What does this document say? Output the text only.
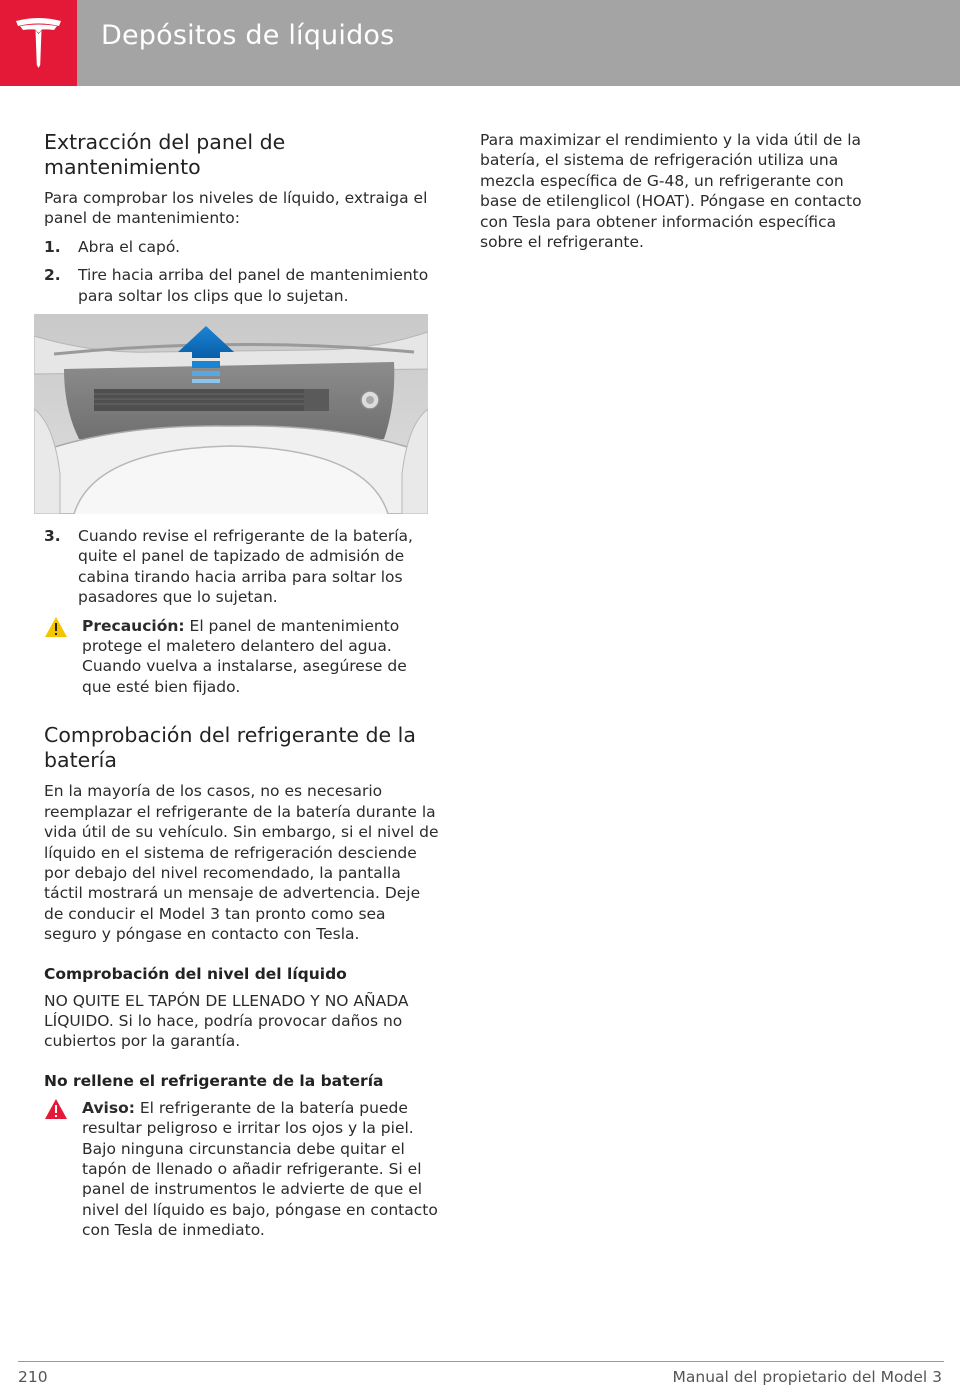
Depósitos de líquidos
Extracción del panel de mantenimiento

Para comprobar los niveles de líquido, extraiga el panel de mantenimiento:

1. Abra el capó.
2. Tire hacia arriba del panel de mantenimiento para soltar los clips que lo sujetan.
3. Cuando revise el refrigerante de la batería, quite el panel de tapizado de admisión de cabina tirando hacia arriba para soltar los pasadores que lo sujetan.
Precaución: El panel de mantenimiento protege el maletero delantero del agua. Cuando vuelva a instalarse, asegúrese de que esté bien fijado.
Comprobación del refrigerante de la batería

En la mayoría de los casos, no es necesario reemplazar el refrigerante de la batería durante la vida útil de su vehículo. Sin embargo, si el nivel de líquido en el sistema de refrigeración desciende por debajo del nivel recomendado, la pantalla táctil mostrará un mensaje de advertencia. Deje de conducir el Model 3 tan pronto como sea seguro y póngase en contacto con Tesla.

Comprobación del nivel del líquido

NO QUITE EL TAPÓN DE LLENADO Y NO AÑADA LÍQUIDO. Si lo hace, podría provocar daños no cubiertos por la garantía.

No rellene el refrigerante de la batería
Aviso: El refrigerante de la batería puede resultar peligroso e irritar los ojos y la piel. Bajo ninguna circunstancia debe quitar el tapón de llenado o añadir refrigerante. Si el panel de instrumentos le advierte de que el nivel del líquido es bajo, póngase en contacto con Tesla de inmediato.

Para maximizar el rendimiento y la vida útil de la batería, el sistema de refrigeración utiliza una mezcla específica de G-48, un refrigerante con base de etilenglicol (HOAT). Póngase en contacto con Tesla para obtener información específica sobre el refrigerante.

210	Manual del propietario del Model 3
